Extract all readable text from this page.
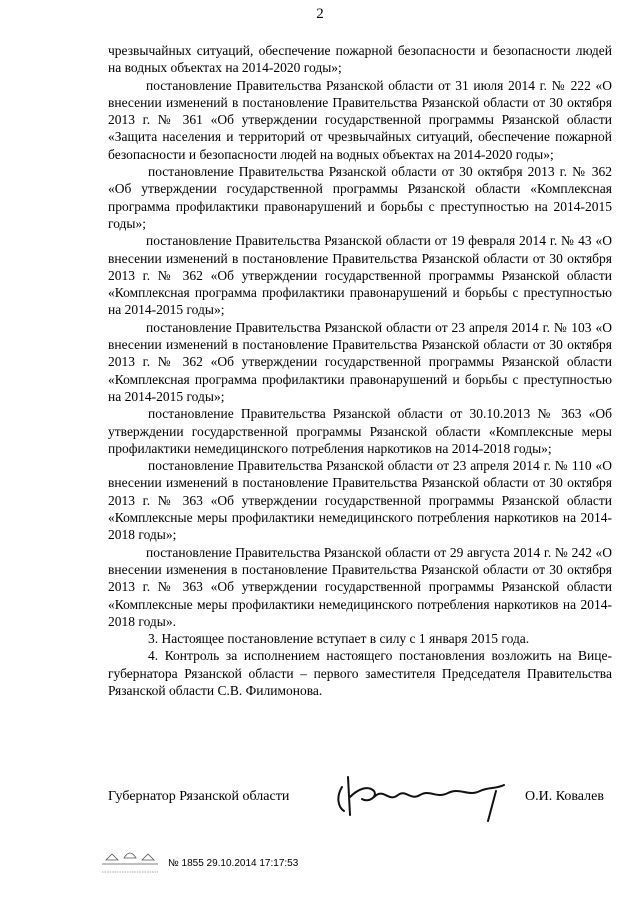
2

чрезвычайных ситуаций, обеспечение пожарной безопасности и безопасности людей на водных объектах на 2014-2020 годы»;

постановление Правительства Рязанской области от 31 июля 2014 г. № 222 «О внесении изменений в постановление Правительства Рязанской области от 30 октября 2013 г. № 361 «Об утверждении государственной программы Рязанской области «Защита населения и территорий от чрезвычайных ситуаций, обеспечение пожарной безопасности и безопасности людей на водных объектах на 2014-2020 годы»;

постановление Правительства Рязанской области от 30 октября 2013 г. № 362 «Об утверждении государственной программы Рязанской области «Комплексная программа профилактики правонарушений и борьбы с преступностью на 2014-2015 годы»;

постановление Правительства Рязанской области от 19 февраля 2014 г. № 43 «О внесении изменений в постановление Правительства Рязанской области от 30 октября 2013 г. № 362 «Об утверждении государственной программы Рязанской области «Комплексная программа профилактики правонарушений и борьбы с преступностью на 2014-2015 годы»;

постановление Правительства Рязанской области от 23 апреля 2014 г. № 103 «О внесении изменений в постановление Правительства Рязанской области от 30 октября 2013 г. № 362 «Об утверждении государственной программы Рязанской области «Комплексная программа профилактики правонарушений и борьбы с преступностью на 2014-2015 годы»;

постановление Правительства Рязанской области от 30.10.2013 № 363 «Об утверждении государственной программы Рязанской области «Комплексные меры профилактики немедицинского потребления наркотиков на 2014-2018 годы»;

постановление Правительства Рязанской области от 23 апреля 2014 г. № 110 «О внесении изменений в постановление Правительства Рязанской области от 30 октября 2013 г. № 363 «Об утверждении государственной программы Рязанской области «Комплексные меры профилактики немедицинского потребления наркотиков на 2014-2018 годы»;

постановление Правительства Рязанской области от 29 августа 2014 г. № 242 «О внесении изменения в постановление Правительства Рязанской области от 30 октября 2013 г. № 363 «Об утверждении государственной программы Рязанской области «Комплексные меры профилактики немедицинского потребления наркотиков на 2014-2018 годы».

3. Настоящее постановление вступает в силу с 1 января 2015 года.

4. Контроль за исполнением настоящего постановления возложить на Вице-губернатора Рязанской области – первого заместителя Председателя Правительства Рязанской области С.В. Филимонова.

Губернатор Рязанской области	О.И. Ковалев
№ 1855 29.10.2014 17:17:53
